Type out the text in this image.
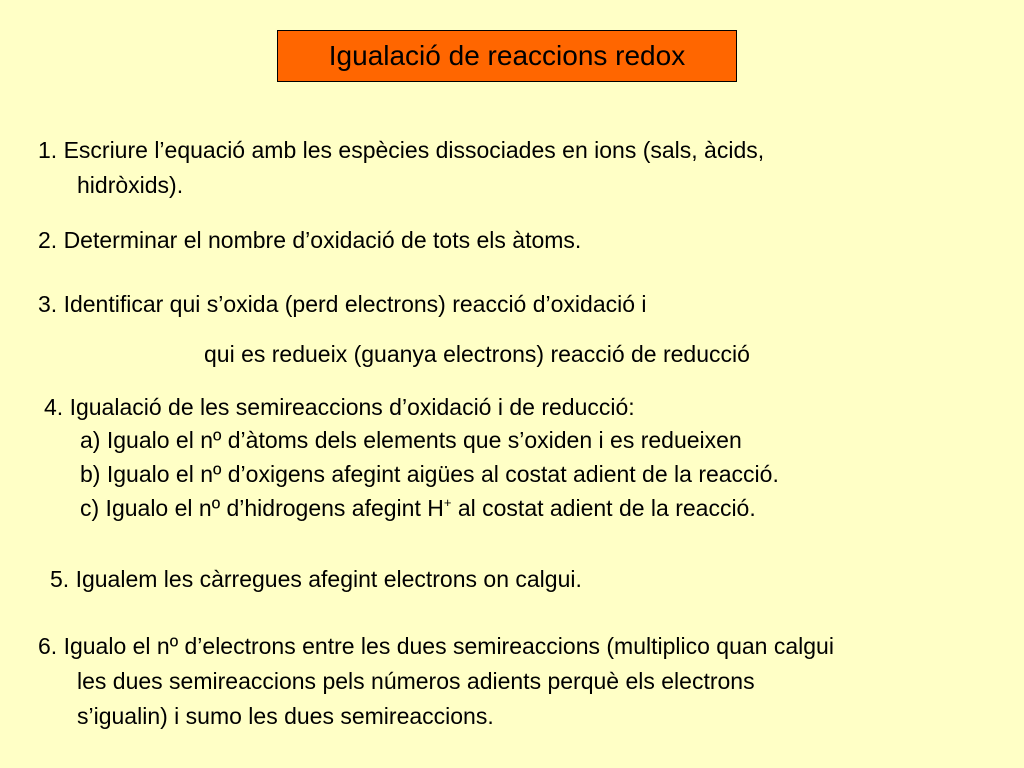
Igualació de reaccions redox
1. Escriure l’equació amb les espècies dissociades en ions (sals, àcids,
hidròxids).
2. Determinar el nombre d’oxidació de tots els àtoms.
3. Identificar qui s’oxida (perd electrons) reacció d’oxidació i
qui es redueix (guanya electrons) reacció de reducció
4. Igualació de les semireaccions d’oxidació i de reducció:
a) Igualo el nº d’àtoms dels elements que s’oxiden i es redueixen
b) Igualo el nº d’oxigens afegint aigües al costat adient de la reacció.
c) Igualo el nº d’hidrogens afegint H+ al costat adient de la reacció.
5. Igualem les càrregues afegint electrons on calgui.
6. Igualo el nº d’electrons entre les dues semireaccions (multiplico quan calgui
les dues semireaccions pels números adients perquè els electrons
s’igualin) i sumo les dues semireaccions.
